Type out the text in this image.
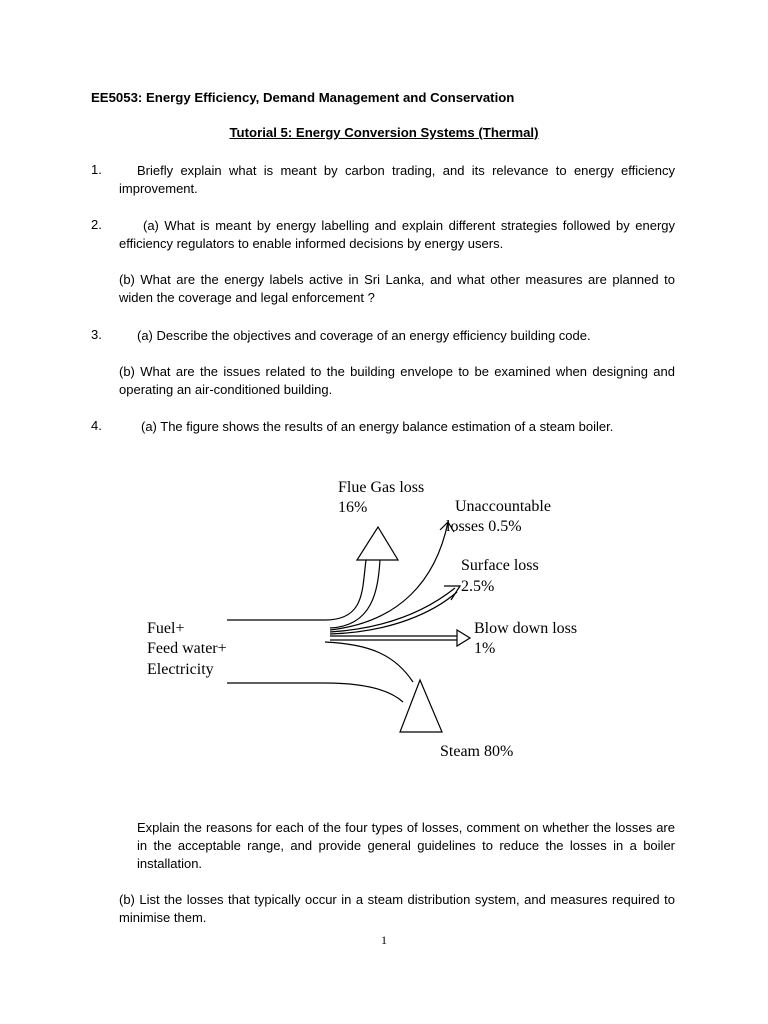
EE5053: Energy Efficiency, Demand Management and Conservation
Tutorial 5: Energy Conversion Systems (Thermal)
1.	Briefly explain what is meant by carbon trading, and its relevance to energy efficiency improvement.
2.	(a) What is meant by energy labelling and explain different strategies followed by energy efficiency regulators to enable informed decisions by energy users.
(b) What are the energy labels active in Sri Lanka, and what other measures are planned to widen the coverage and legal enforcement ?
3.	(a) Describe the objectives and coverage of an energy efficiency building code.
(b) What are the issues related to the building envelope to be examined when designing and operating an air-conditioned building.
4.	(a) The figure shows the results of an energy balance estimation of a steam boiler.
Fuel+
Feed water+
Electricity
Flue Gas loss
16%	Unaccountable
losses 0.5%
Surface loss
2.5%
Blow down loss
1%
Steam 80%
Explain the reasons for each of the four types of losses, comment on whether the losses are in the acceptable range, and provide general guidelines to reduce the losses in a boiler installation.
(b) List the losses that typically occur in a steam distribution system, and measures required to minimise them.
1
